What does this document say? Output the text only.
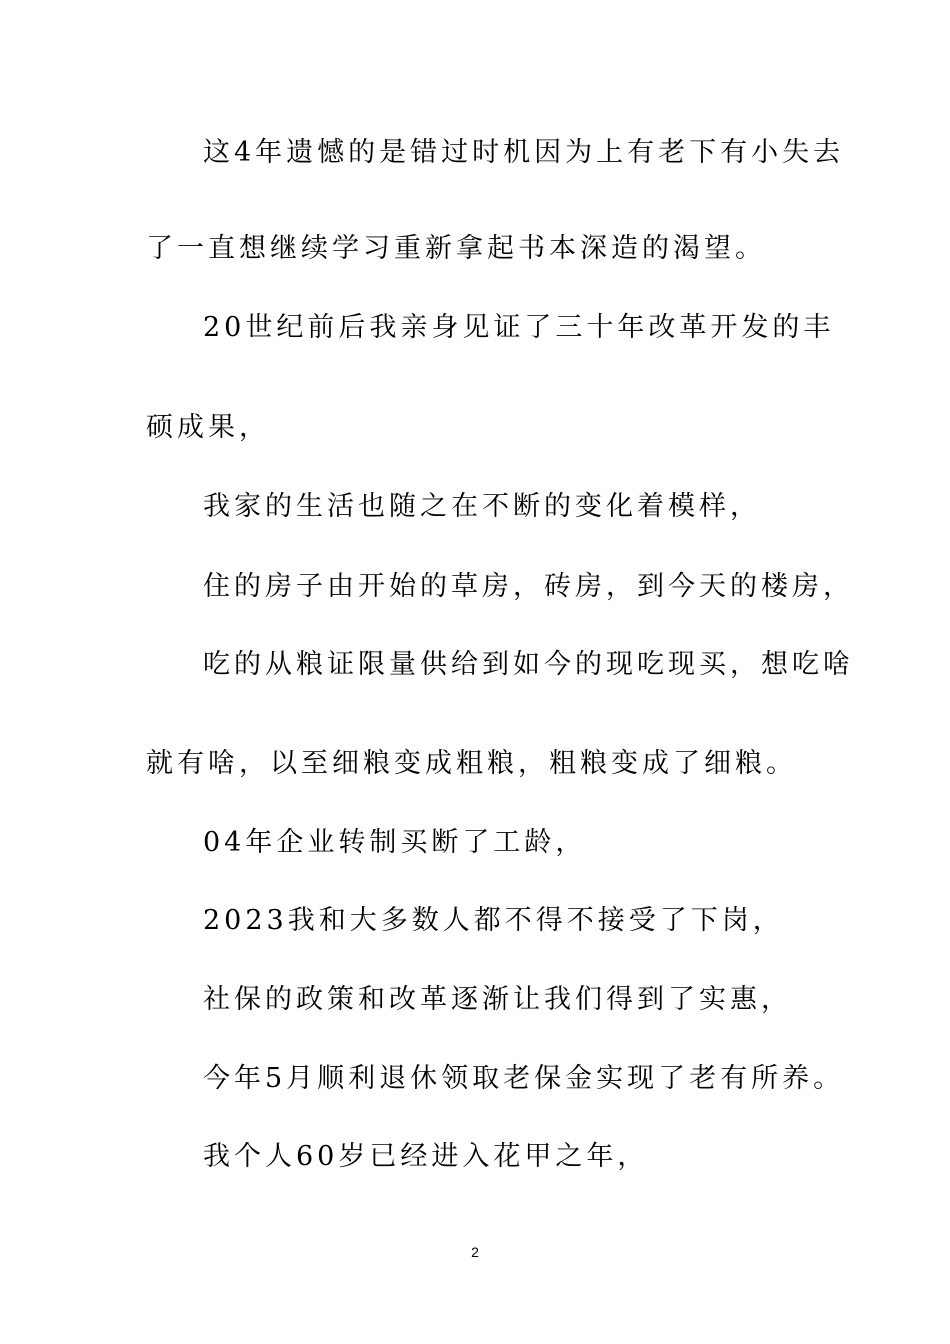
这4年遗憾的是错过时机因为上有老下有小失去
了一直想继续学习重新拿起书本深造的渴望。
20世纪前后我亲身见证了三十年改革开发的丰
硕成果，
我家的生活也随之在不断的变化着模样，
住的房子由开始的草房，砖房，到今天的楼房，
吃的从粮证限量供给到如今的现吃现买，想吃啥
就有啥，以至细粮变成粗粮，粗粮变成了细粮。
04年企业转制买断了工龄，
2023我和大多数人都不得不接受了下岗，
社保的政策和改革逐渐让我们得到了实惠，
今年5月顺利退休领取老保金实现了老有所养。
我个人60岁已经进入花甲之年，
2
